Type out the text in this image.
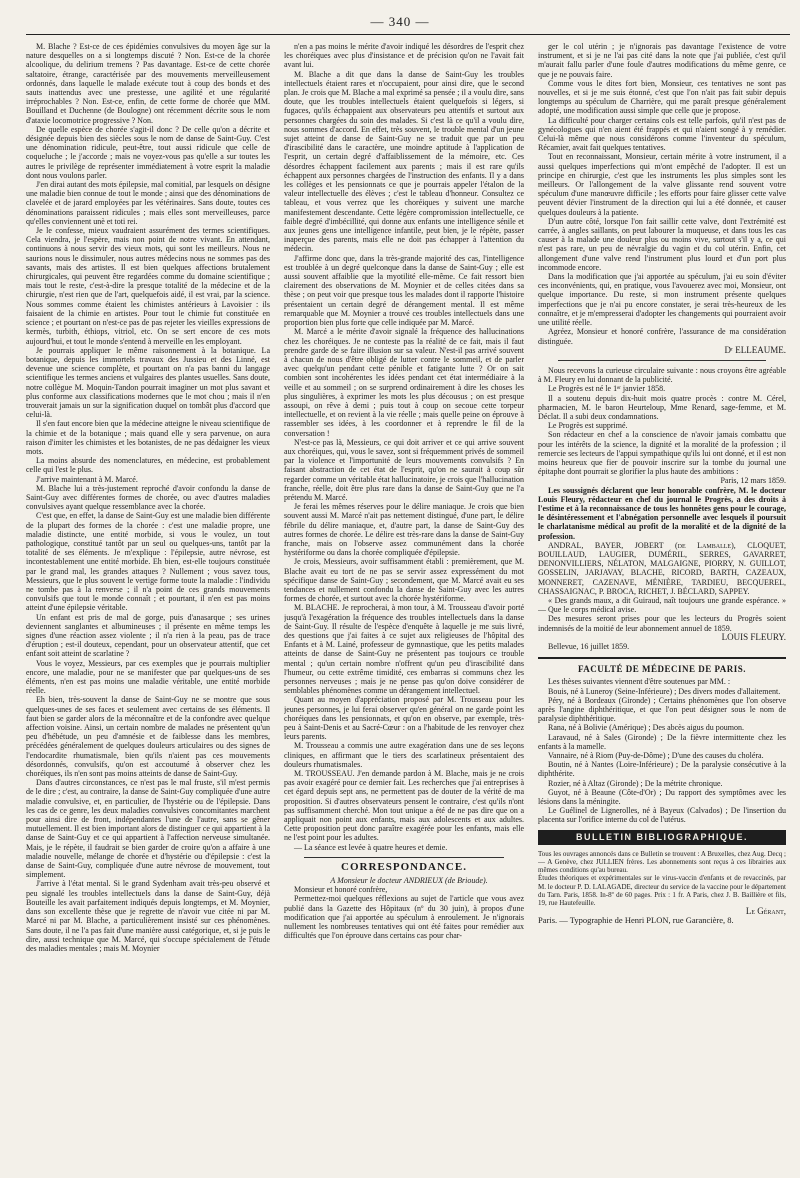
— 340 —

M. Blache ? Est-ce de ces épidémies convulsives du moyen âge sur la nature desquelles on a si longtemps discuté ? Non. Est-ce de la chorée alcoolique, du delirium tremens ? Pas davantage. Est-ce de cette chorée saltatoire, étrange, caractérisée par des mouvements merveilleusement ordonnés, dans laquelle le malade exécute tout à coup des bonds et des sauts inattendus avec une prestesse, une agilité et une régularité irréprochables ? Non. Est-ce, enfin, de cette forme de chorée que MM. Bouilland et Duchenne (de Boulogne) ont récemment décrite sous le nom d'ataxie locomotrice progressive ? Non.

De quelle espèce de chorée s'agit-il donc ? De celle qu'on a décrite et désignée depuis bien des siècles sous le nom de danse de Saint-Guy. C'est une dénomination ridicule, peut-être, tout aussi ridicule que celle de coqueluche ; le j'accorde ; mais ne voyez-vous pas qu'elle a sur toutes les autres le privilège de représenter immédiatement à votre esprit la maladie dont nous voulons parler.

J'en dirai autant des mots épilepsie, mal comitial, par lesquels on désigne une maladie bien connue de tout le monde ; ainsi que des dénominations de clavelée et de jarard employées par les vétérinaires. Sans doute, toutes ces dénominations paraissent ridicules ; mais elles sont merveilleuses, parce qu'elles conviennent unè et toti rei.

Je le confesse, mieux vaudraient assurément des termes scientifiques. Cela viendra, je l'espère, mais non point de notre vivant. En attendant, continuons à nous servir des vieux mots, qui sont les meilleurs. Nous ne saurions nous le dissimuler, nous autres médecins nous ne sommes pas des savants, mais des artistes. Il est bien quelques affections brutalement chirurgicales, qui peuvent être regardées comme du domaine scientifique ; mais tout le reste, c'est-à-dire la presque totalité de la médecine et de la chirurgie, n'est rien que de l'art, quelquefois aidé, il est vrai, par la science. Nous sommes comme étaient les chimistes antérieurs à Lavoisier : ils faisaient de la chimie en artistes. Pour tout le chimie fut constituée en science ; et pourtant on n'est-ce pas de pas rejeter les vieilles expressions de kermès, turbith, éthiops, vitriol, etc. On se sert encore de ces mots aujourd'hui, et tout le monde s'entend à merveille en les employant.

Je pourrais appliquer le même raisonnement à la botanique. La botanique, depuis les immortels travaux des Jussieu et des Linné, est devenue une science complète, et pourtant on n'a pas banni du langage scientifique les termes anciens et vulgaires des plantes usuelles. Sans doute, notre collègue M. Moquin-Tandon pourrait imaginer un mot plus savant et plus conforme aux classifications modernes que le mot chou ; mais il n'en trouverait jamais un sur la signification duquel on tombât plus d'accord que celui-là.

Il s'en faut encore bien que la médecine atteigne le niveau scientifique de la chimie et de la botanique ; mais quand elle y sera parvenue, on aura raison d'imiter les chimistes et les botanistes, de ne pas dédaigner les vieux mots.

La moins absurde des nomenclatures, en médecine, est probablement celle qui l'est le plus.

J'arrive maintenant à M. Marcé.

M. Blache lui a très-justement reproché d'avoir confondu la danse de Saint-Guy avec différentes formes de chorée, ou avec d'autres maladies convulsives ayant quelque ressemblance avec la chorée.

C'est que, en effet, la danse de Saint-Guy est une maladie bien différente de la plupart des formes de la chorée : c'est une maladie propre, une maladie distincte, une entité morbide, si vous le voulez, un tout pathologique, constitué tantôt par un seul ou quelques-uns, tantôt par la totalité de ses éléments. Je m'explique : l'épilepsie, autre névrose, est incontestablement une entité morbide. Eh bien, est-elle toujours constituée par le grand mal, les grandes attaques ? Nullement ; vous savez tous, Messieurs, que le plus souvent le vertige forme toute la maladie : l'individu ne tombe pas à la renverse ; il n'a point de ces grands mouvements convulsifs que tout le monde connaît ; et pourtant, il n'en est pas moins atteint d'une épilepsie véritable.

Un enfant est pris de mal de gorge, puis d'anasarque ; ses urines deviennent sanglantes et albumineuses ; il présente en même temps les signes d'une réaction assez violente ; il n'a rien à la peau, pas de trace d'éruption ; est-il douteux, cependant, pour un observateur attentif, que cet enfant soit atteint de scarlatine ?

Vous le voyez, Messieurs, par ces exemples que je pourrais multiplier encore, une maladie, pour ne se manifester que par quelques-uns de ses éléments, n'en est pas moins une maladie véritable, une entité morbide réelle.

Eh bien, très-souvent la danse de Saint-Guy ne se montre que sous quelques-unes de ses faces et seulement avec certains de ses éléments. Il faut bien se garder alors de la méconnaître et de la confondre avec quelque affection voisine. Ainsi, un certain nombre de malades ne présentent qu'un peu d'hébétude, un peu d'amnésie et de faiblesse dans les membres, précédées généralement de quelques douleurs articulaires ou des signes de l'endocardite rhumatismale, bien qu'ils n'aient pas ces mouvements désordonnés, convulsifs, qu'on est accoutumé à observer chez les choréiques, ils n'en sont pas moins atteints de danse de Saint-Guy.

Dans d'autres circonstances, ce n'est pas le mal fruste, s'il m'est permis de le dire ; c'est, au contraire, la danse de Saint-Guy compliquée d'une autre maladie convulsive, et, en particulier, de l'hystérie ou de l'épilepsie. Dans les cas de ce genre, les deux maladies convulsives concomitantes marchent pour ainsi dire de front, indépendantes l'une de l'autre, sans se gêner mutuellement. Il est bien important alors de distinguer ce qui appartient à la danse de Saint-Guy et ce qui appartient à l'affection nerveuse simultanée. Mais, je le répète, il faudrait se bien garder de croire qu'on a affaire à une maladie nouvelle, mélange de chorée et d'hystérie ou d'épilepsie : c'est la danse de Saint-Guy, compliquée d'une autre névrose de mouvement, tout simplement.

J'arrive à l'état mental. Si le grand Sydenham avait très-peu observé et peu signalé les troubles intellectuels dans la danse de Saint-Guy, déjà Bouteille les avait parfaitement indiqués depuis longtemps, et M. Moynier, dans son excellente thèse que je regrette de n'avoir vue citée ni par M. Marcé ni par M. Blache, a particulièrement insisté sur ces phénomènes. Sans doute, il ne l'a pas fait d'une manière aussi catégorique, et, si je puis le dire, aussi technique que M. Marcé, qui s'occupe spécialement de l'étude des maladies mentales ; mais M. Moynier

n'en a pas moins le mérite d'avoir indiqué les désordres de l'esprit chez les choréiques avec plus d'insistance et de précision qu'on ne l'avait fait avant lui.

M. Blache a dit que dans la danse de Saint-Guy les troubles intellectuels étaient rares et n'occupaient, pour ainsi dire, que le second plan. Je crois que M. Blache a mal exprimé sa pensée ; il a voulu dire, sans doute, que les troubles intellectuels étaient quelquefois si légers, si fugaces, qu'ils échappaient aux observateurs peu attentifs et surtout aux personnes chargées du soin des malades. Si c'est là ce qu'il a voulu dire, nous sommes d'accord. En effet, très souvent, le trouble mental d'un jeune sujet atteint de danse de Saint-Guy ne se traduit que par un peu d'irascibilité dans le caractère, une moindre aptitude à l'application de l'esprit, un certain degré d'affaiblissement de la mémoire, etc. Ces désordres échappent facilement aux parents ; mais il est rare qu'ils échappent aux personnes chargées de l'instruction des enfants. Il y a dans les collèges et les pensionnats ce que je pourrais appeler l'étalon de la valeur intellectuelle des élèves ; c'est le tableau d'honneur. Consultez ce tableau, et vous verrez que les choréiques y suivent une marche manifestement descendante. Cette légère compromission intellectuelle, ce faible degré d'imbécillité, qui donne aux enfants une intelligence sénile et aux jeunes gens une intelligence infantile, peut bien, je le répète, passer inaperçue des parents, mais elle ne doit pas échapper à l'attention du médecin.

J'affirme donc que, dans la très-grande majorité des cas, l'intelligence est troublée à un degré quelconque dans la danse de Saint-Guy ; elle est aussi souvent affaiblie que la myotilité elle-même. Ce fait ressort bien clairement des observations de M. Moynier et de celles citées dans sa thèse ; on peut voir que presque tous les malades dont il rapporte l'histoire présentaient un certain degré de dérangement mental. Il est même remarquable que M. Moynier a trouvé ces troubles intellectuels dans une proportion bien plus forte que celle indiquée par M. Marcé.

M. Marcé a le mérite d'avoir signalé la fréquence des hallucinations chez les choréiques. Je ne conteste pas la réalité de ce fait, mais il faut prendre garde de se faire illusion sur sa valeur. N'est-il pas arrivé souvent à chacun de nous d'être obligé de lutter contre le sommeil, et de parler avec quelqu'un pendant cette pénible et fatigante lutte ? Or on sait combien sont incohérentes les idées pendant cet état intermédiaire à la veille et au sommeil ; on se surprend ordinairement à dire les choses les plus singulières, à exprimer les mots les plus décousus ; on est presque assoupi, on rêve à demi ; puis tout à coup on secoue cette torpeur intellectuelle, et on revient à la vie réelle ; mais quelle peine on éprouve à rassembler ses idées, à les coordonner et à reprendre le fil de la conversation !

N'est-ce pas là, Messieurs, ce qui doit arriver et ce qui arrive souvent aux choréiques, qui, vous le savez, sont si fréquemment privés de sommeil par la violence et l'importunité de leurs mouvements convulsifs ? En faisant abstraction de cet état de l'esprit, qu'on ne saurait à coup sûr regarder comme un véritable état hallucinatoire, je crois que l'hallucination franche, réelle, doit être plus rare dans la danse de Saint-Guy que ne l'a prétendu M. Marcé.

Je ferai les mêmes réserves pour le délire maniaque. Je crois que bien souvent aussi M. Marcé n'ait pas nettement distingué, d'une part, le délire fébrile du délire maniaque, et, d'autre part, la danse de Saint-Guy des autres formes de chorée. Le délire est très-rare dans la danse de Saint-Guy franche, mais on l'observe assez communément dans la chorée hystériforme ou dans la chorée compliquée d'épilepsie.

Je crois, Messieurs, avoir suffisamment établi : premièrement, que M. Blache avait eu tort de ne pas se servir assez expressément du mot spécifique danse de Saint-Guy ; secondement, que M. Marcé avait eu ses tendances et nullement confondu la danse de Saint-Guy avec les autres formes de chorée, et surtout avec la chorée hystériforme.

M. BLACHE. Je reprocherai, à mon tour, à M. Trousseau d'avoir porté jusqu'à l'exagération la fréquence des troubles intellectuels dans la danse de Saint-Guy. Il résulte de l'espèce d'enquête à laquelle je me suis livré, des questions que j'ai faites à ce sujet aux religieuses de l'hôpital des Enfants et à M. Lainé, professeur de gymnastique, que les petits malades atteints de danse de Saint-Guy ne présentent pas toujours ce trouble mental ; qu'un certain nombre n'offrent qu'un peu d'irascibilité dans l'humeur, ou cette extrême timidité, ces embarras si communs chez les personnes nerveuses ; mais je ne pense pas qu'on doive considérer de semblables phénomènes comme un dérangement intellectuel.

Quant au moyen d'appréciation proposé par M. Trousseau pour les jeunes personnes, je lui ferai observer qu'en général on ne garde point les choréiques dans les pensionnats, et qu'on en observe, par exemple, très-peu à Saint-Denis et au Sacré-Cœur : on a l'habitude de les renvoyer chez leurs parents.

M. Trousseau a commis une autre exagération dans une de ses leçons cliniques, en affirmant que le tiers des scarlatineux présentaient des douleurs rhumatismales.

M. TROUSSEAU. J'en demande pardon à M. Blache, mais je ne crois pas avoir exagéré pour ce dernier fait. Les recherches que j'ai entreprises à cet égard depuis sept ans, ne permettent pas de douter de la vérité de ma proposition. Si d'autres observateurs pensent le contraire, c'est qu'ils n'ont pas suffisamment cherché. Mon tout unique a été de ne pas dire que on a appliquait non point aux enfants, mais aux adolescents et aux adultes. Cette proposition peut donc paraître exagérée pour les enfants, mais elle ne l'est point pour les adultes.

— La séance est levée à quatre heures et demie.

CORRESPONDANCE.

A Monsieur le docteur ANDRIEUX (de Brioude).

Monsieur et honoré confrère,

Permettez-moi quelques réflexions au sujet de l'article que vous avez publié dans la Gazette des Hôpitaux (nº du 30 juin), à propos d'une modification que j'ai apportée au spéculum à enroulement. Je n'ignorais nullement les nombreuses tentatives qui ont été faites pour remédier aux difficultés que l'on éprouve dans certains cas pour char-

ger le col utérin ; je n'ignorais pas davantage l'existence de votre instrument, et si je ne l'ai pas cité dans la note que j'ai publiée, c'est qu'il m'aurait fallu parler d'une foule d'autres modifications du même genre, ce que je ne pouvais faire.

Comme vous le dites fort bien, Monsieur, ces tentatives ne sont pas nouvelles, et si je me suis étonné, c'est que l'on n'ait pas fait subir depuis longtemps au spéculum de Charrière, qui me paraît presque généralement adopté, une modification aussi simple que celle que je propose.

La difficulté pour charger certains cols est telle parfois, qu'il n'est pas de gynécologues qui n'en aient été frappés et qui n'aient songé à y remédier. Celui-là même que nous considérons comme l'inventeur du spéculum, Récamier, avait fait quelques tentatives.

Tout en reconnaissant, Monsieur, certain mérite à votre instrument, il a aussi quelques imperfections qui m'ont empêché de l'adopter. Il est un principe en chirurgie, c'est que les instruments les plus simples sont les meilleurs. Or l'allongement de la valve glissante rend souvent votre spéculum d'une manœuvre difficile ; les efforts pour faire glisser cette valve peuvent dévier l'instrument de la direction qui lui a été donnée, et causer quelques douleurs à la patiente.

D'un autre côté, lorsque l'on fait saillir cette valve, dont l'extrémité est carrée, à angles saillants, on peut labourer la muqueuse, et dans tous les cas causer à la malade une douleur plus ou moins vive, surtout s'il y a, ce qui n'est pas rare, un peu de névralgie du vagin et du col utérin. Enfin, cet allongement d'une valve rend l'instrument plus lourd et d'un port plus incommode encore.

Dans la modification que j'ai apportée au spéculum, j'ai eu soin d'éviter ces inconvénients, qui, en pratique, vous l'avouerez avec moi, Monsieur, ont quelque importance. Du reste, si mon instrument présente quelques imperfections que je n'ai pu encore constater, je serai très-heureux de les connaître, et je m'empresserai d'adopter les changements qui pourraient avoir une utilité réelle.

Agréez, Monsieur et honoré confrère, l'assurance de ma considération distinguée.

Dʳ ELLEAUME.

Nous recevons la curieuse circulaire suivante : nous croyons être agréable à M. Fleury en lui donnant de la publicité.

Le Progrès est né le 1ᵉʳ janvier 1858.

Il a soutenu depuis dix-huit mois quatre procès : contre M. Cérel, pharmacien, M. le baron Heurteloup, Mme Renard, sage-femme, et M. Déclat. Il a subi deux condamnations.

Le Progrès est supprimé.

Son rédacteur en chef a la conscience de n'avoir jamais combattu que pour les intérêts de la science, la dignité et la moralité de la profession ; il remercie ses lecteurs de l'appui sympathique qu'ils lui ont donné, et il est non moins heureux que fier de pouvoir inscrire sur la tombe du journal une épitaphe dont pourrait se glorifier la plus haute des ambitions :

Paris, 12 mars 1859.

Les soussignés déclarent que leur honorable confrère, M. le docteur Louis Fleury, rédacteur en chef du journal le Progrès, a des droits à l'estime et à la reconnaissance de tous les honnêtes gens pour le courage, le désintéressement et l'abnégation personnelle avec lesquels il poursuit le charlatanisme médical au profit de la moralité et de la dignité de la profession.

ANDRAL, BAYER, JOBERT (de Lamballe), CLOQUET, BOUILLAUD, LAUGIER, DUMÉRIL, SERRES, GAVARRET, DENONVILLIERS, NÉLATON, MALGAIGNE, PIORRY, N. GUILLOT, GOSSELIN, JARJAVAY, BLACHE, RICORD, BARTH, CAZEAUX, MONNERET, CAZENAVE, MÉNIÈRE, TARDIEU, BECQUEREL, CHASSAIGNAC, P. BROCA, RICHET, J. BÉCLARD, SAPPEY.

« Des grands maux, a dit Guiraud, naît toujours une grande espérance. » — Que le corps médical avise.

Des mesures seront prises pour que les lecteurs du Progrès soient indemnisés de la moitié de leur abonnement annuel de 1859.

LOUIS FLEURY.

Bellevue, 16 juillet 1859.

FACULTÉ DE MÉDECINE DE PARIS.

Les thèses suivantes viennent d'être soutenues par MM. :

Bouis, né à Luneroy (Seine-Inférieure) ; Des divers modes d'allaitement.

Péry, né à Bordeaux (Gironde) ; Certains phénomènes que l'on observe après l'angine diphthéritique, et que l'on peut désigner sous le nom de paralysie diphthéritique.

Rana, né à Bolivie (Amérique) ; Des abcès aigus du poumon.

Laravaud, né à Sales (Gironde) ; De la fièvre intermittente chez les enfants à la mamelle.

Vannaire, né à Riom (Puy-de-Dôme) ; D'une des causes du choléra.

Boutin, né à Nantes (Loire-Inférieure) ; De la paralysie consécutive à la diphthérite.

Rozier, né à Altaz (Gironde) ; De la métrite chronique.

Guyot, né à Beaune (Côte-d'Or) ; Du rapport des symptômes avec les lésions dans la méningite.

Le Guélinel de Lignerolles, né à Bayeux (Calvados) ; De l'insertion du placenta sur l'orifice interne du col de l'utérus.

BULLETIN BIBLIOGRAPHIQUE.

Tous les ouvrages annoncés dans ce Bulletin se trouvent : A Bruxelles, chez Aug. Decq ; — A Genève, chez JULLIEN frères. Les abonnements sont reçus à ces librairies aux mêmes conditions qu'au bureau.

Études théoriques et expérimentales sur le virus-vaccin d'enfants et de revaccinés, par M. le docteur P. D. LALAGADE, directeur du service de la vaccine pour le département du Tarn. Paris, 1858. In-8º de 60 pages. Prix : 1 fr. A Paris, chez J. B. Baillière et fils, 19, rue Hautefeuille.

Le Gérant,

Paris. — Typographie de Henri PLON, rue Garancière, 8.
